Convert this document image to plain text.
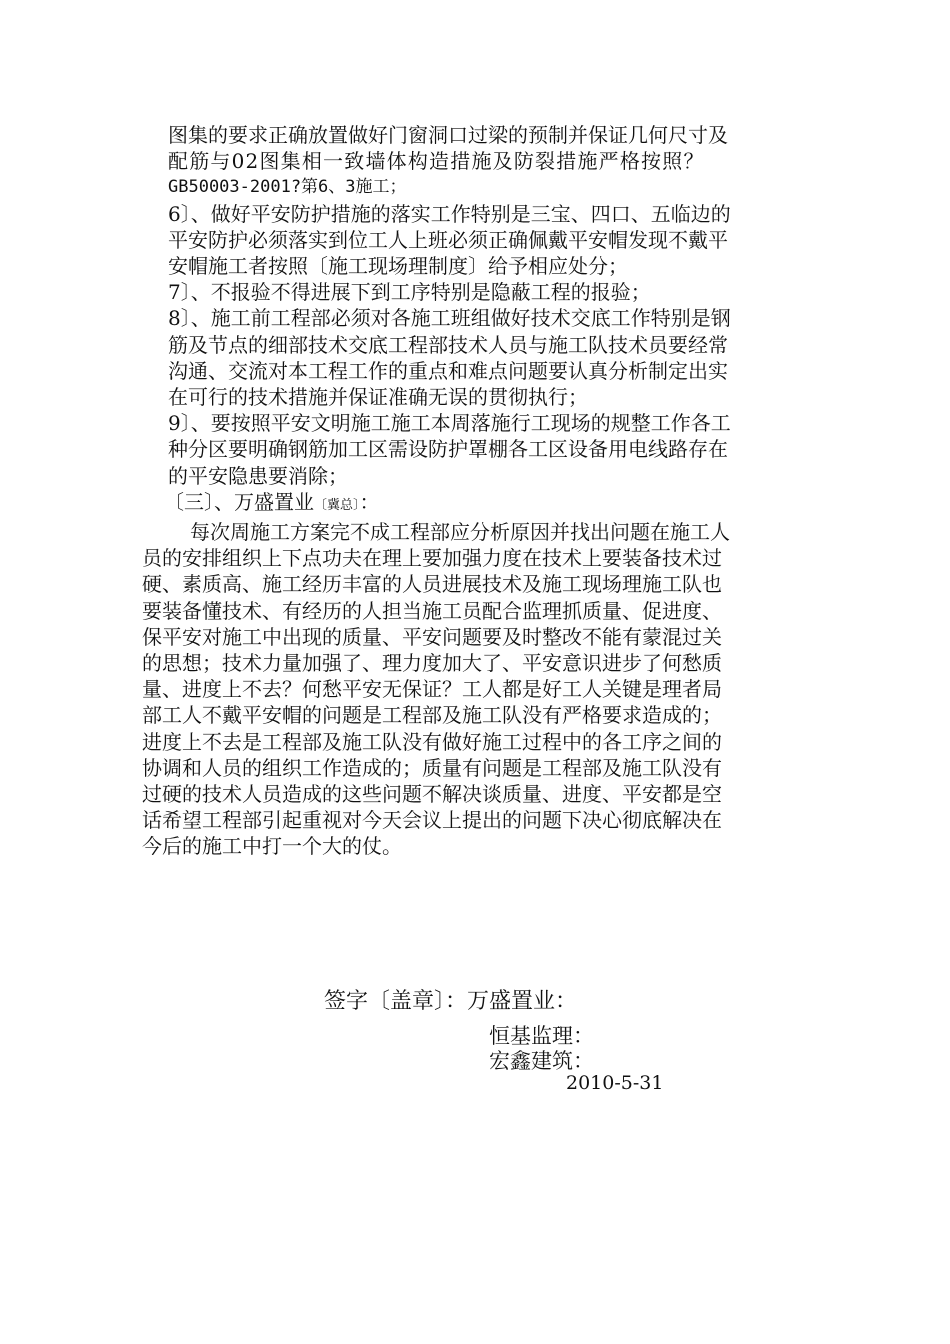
图集的要求正确放置做好门窗洞口过梁的预制并保证几何尺寸及
配筋与02图集相一致墙体构造措施及防裂措施严格按照？
GB50003-2001?第6、3施工；
6〕、做好平安防护措施的落实工作特别是三宝、四口、五临边的
平安防护必须落实到位工人上班必须正确佩戴平安帽发现不戴平
安帽施工者按照〔施工现场理制度〕给予相应处分；
7〕、不报验不得进展下到工序特别是隐蔽工程的报验；
8〕、施工前工程部必须对各施工班组做好技术交底工作特别是钢
筋及节点的细部技术交底工程部技术人员与施工队技术员要经常
沟通、交流对本工程工作的重点和难点问题要认真分析制定出实
在可行的技术措施并保证准确无误的贯彻执行；
9〕、要按照平安文明施工施工本周落施行工现场的规整工作各工
种分区要明确钢筋加工区需设防护罩棚各工区设备用电线路存在
的平安隐患要消除；
〔三〕、万盛置业〔冀总〕：
每次周施工方案完不成工程部应分析原因并找出问题在施工人
员的安排组织上下点功夫在理上要加强力度在技术上要装备技术过
硬、素质高、施工经历丰富的人员进展技术及施工现场理施工队也
要装备懂技术、有经历的人担当施工员配合监理抓质量、促进度、
保平安对施工中出现的质量、平安问题要及时整改不能有蒙混过关
的思想；技术力量加强了、理力度加大了、平安意识进步了何愁质
量、进度上不去？何愁平安无保证？工人都是好工人关键是理者局
部工人不戴平安帽的问题是工程部及施工队没有严格要求造成的；
进度上不去是工程部及施工队没有做好施工过程中的各工序之间的
协调和人员的组织工作造成的；质量有问题是工程部及施工队没有
过硬的技术人员造成的这些问题不解决谈质量、进度、平安都是空
话希望工程部引起重视对今天会议上提出的问题下决心彻底解决在
今后的施工中打一个大的仗。
签字〔盖章〕：万盛置业：
恒基监理：
宏鑫建筑：
2010-5-31
